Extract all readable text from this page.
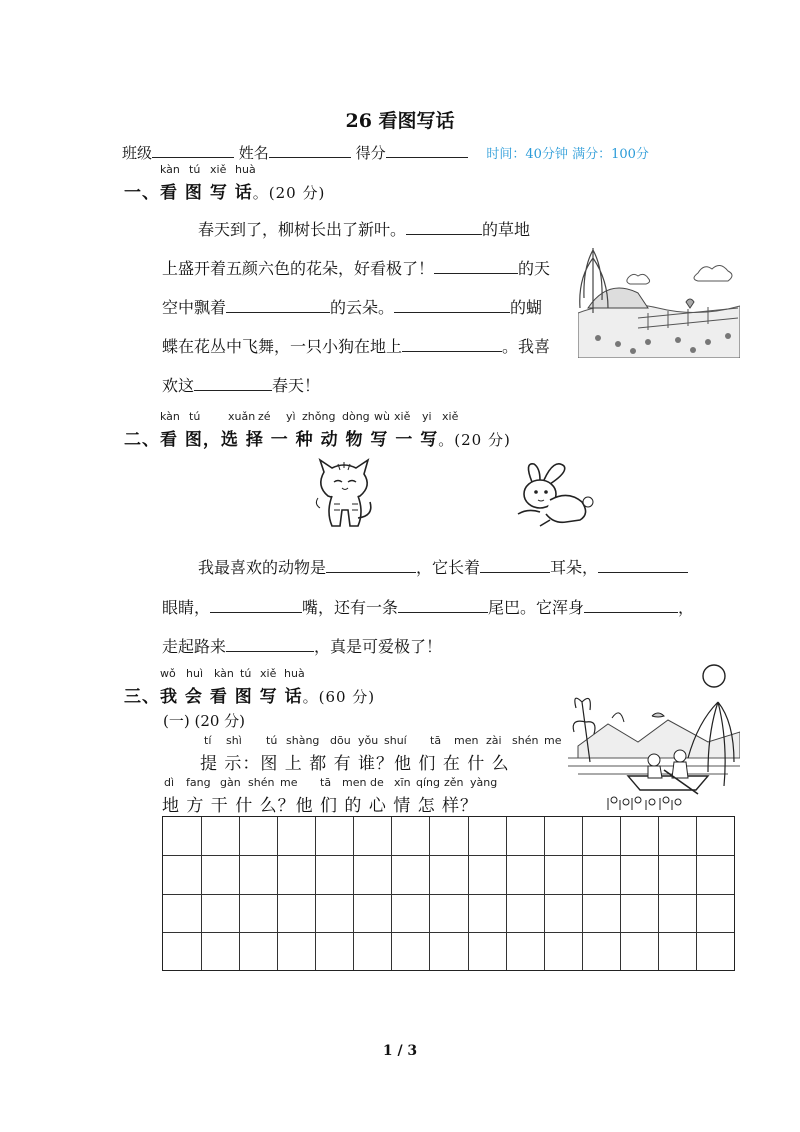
26 看图写话
班级	姓名	得分	时间：40分钟 满分：100分
kàn tú xiě huà
一、看 图 写 话。(20 分)
春天到了，柳树长出了新叶。	的草地
上盛开着五颜六色的花朵，好看极了！	的天
空中飘着	的云朵。	的蝴
蝶在花丛中飞舞，一只小狗在地上	。我喜
欢这	春天！
kàn tú	xuǎn zé yì zhǒng dòng wù xiě yi xiě
二、看 图，选 择 一 种 动 物 写 一 写。(20 分)
我最喜欢的动物是	，它长着	耳朵，
眼睛，	嘴，还有一条	尾巴。它浑身	，
走起路来	，真是可爱极了！
wǒ huì kàn tú xiě huà
三、我 会 看 图 写 话。(60 分)
(一) (20 分)
tí shì tú shàng dōu yǒu shuí tā men zài shén me
提 示：图 上 都 有 谁？他 们 在 什 么
dì fang gàn shén me tā men de xīn qíng zěn yàng
地 方 干 什 么？他 们 的 心 情 怎 样？
1 / 3
